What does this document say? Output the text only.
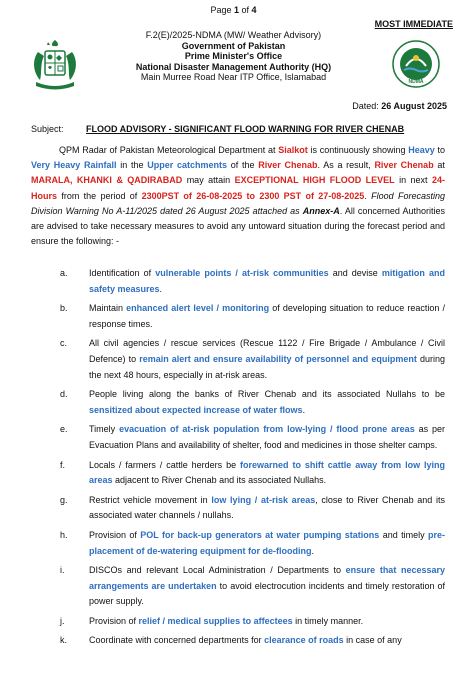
Page 1 of 4
MOST IMMEDIATE
NDMA
F.2(E)/2025-NDMA (MW/ Weather Advisory)
Government of Pakistan
Prime Minister's Office
National Disaster Management Authority (HQ)
Main Murree Road Near ITP Office, Islamabad
Dated: 26 August 2025
Subject: FLOOD ADVISORY - SIGNIFICANT FLOOD WARNING FOR RIVER CHENAB

QPM Radar of Pakistan Meteorological Department at Sialkot is continuously showing Heavy to Very Heavy Rainfall in the Upper catchments of the River Chenab. As a result, River Chenab at MARALA, KHANKI & QADIRABAD may attain EXCEPTIONAL HIGH FLOOD LEVEL in next 24-Hours from the period of 2300PST of 26-08-2025 to 2300 PST of 27-08-2025. Flood Forecasting Division Warning No A-11/2025 dated 26 August 2025 attached as Annex-A. All concerned Authorities are advised to take necessary measures to avoid any untoward situation during the forecast period and ensure the following: -

a. Identification of vulnerable points / at-risk communities and devise mitigation and safety measures.
b. Maintain enhanced alert level / monitoring of developing situation to reduce reaction / response times.
c. All civil agencies / rescue services (Rescue 1122 / Fire Brigade / Ambulance / Civil Defence) to remain alert and ensure availability of personnel and equipment during the next 48 hours, especially in at-risk areas.
d. People living along the banks of River Chenab and its associated Nullahs to be sensitized about expected increase of water flows.
e. Timely evacuation of at-risk population from low-lying / flood prone areas as per Evacuation Plans and availability of shelter, food and medicines in those shelter camps.
f.	Locals / farmers / cattle herders be forewarned to shift cattle away from low lying areas adjacent to River Chenab and its associated Nullahs.
g. Restrict vehicle movement in low lying / at-risk areas, close to River Chenab and its associated water channels / nullahs.
h. Provision of POL for back-up generators at water pumping stations and timely pre-placement of de-watering equipment for de-flooding.
i.	DISCOs and relevant Local Administration / Departments to ensure that necessary arrangements are undertaken to avoid electrocution incidents and timely restoration of power supply.
j.	Provision of relief / medical supplies to affectees in timely manner.
k. Coordinate with concerned departments for clearance of roads in case of any
